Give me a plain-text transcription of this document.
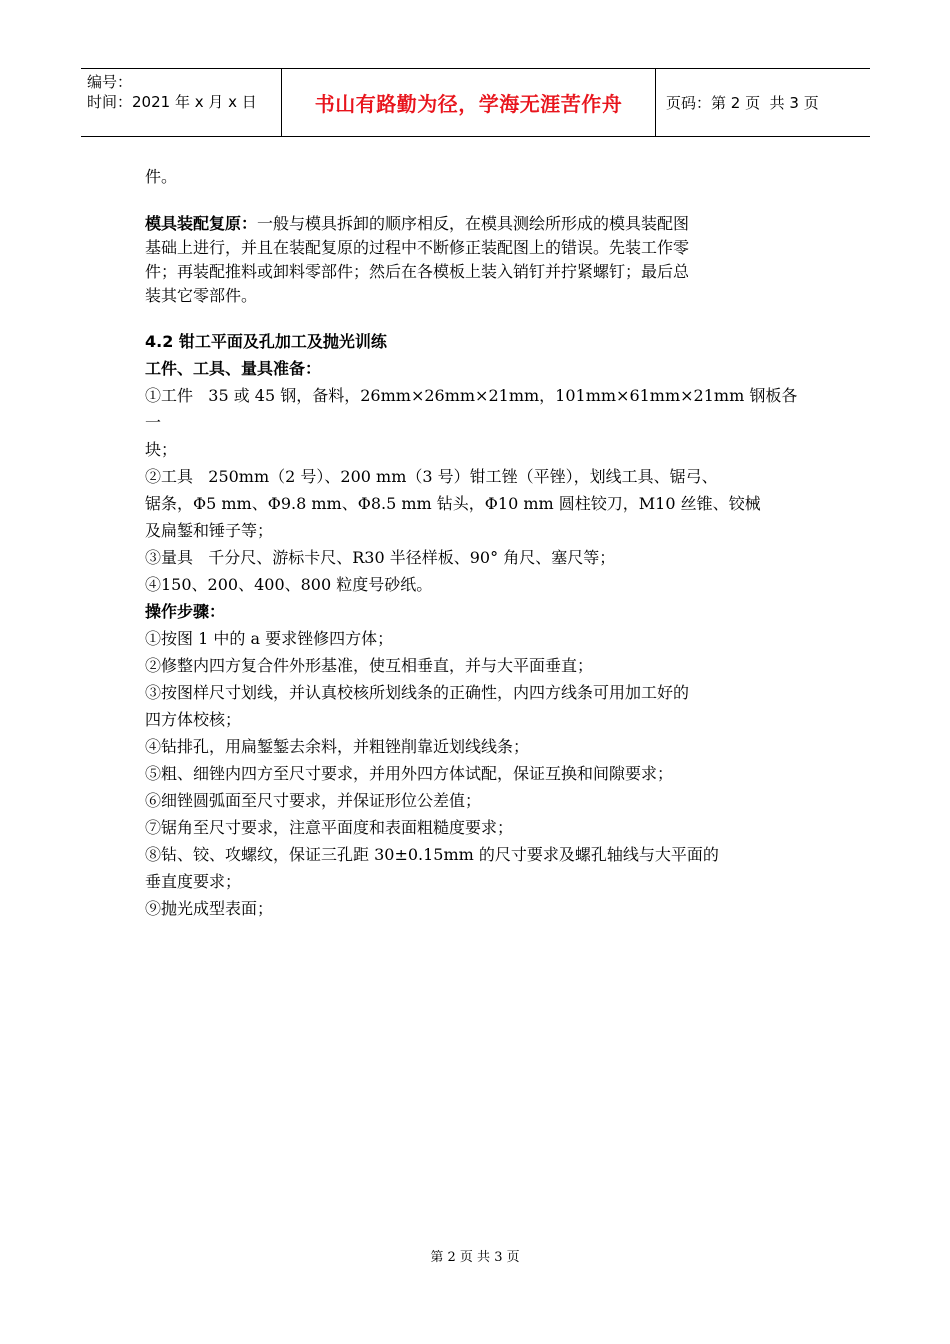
编号：
时间：2021 年 x 月 x 日	书山有路勤为径，学海无涯苦作舟	页码：第 2 页  共 3 页

件。

模具装配复原：一般与模具拆卸的顺序相反，在模具测绘所形成的模具装配图

基础上进行，并且在装配复原的过程中不断修正装配图上的错误。先装工作零

件；再装配推料或卸料零部件；然后在各模板上装入销钉并拧紧螺钉；最后总

装其它零部件。

4.2 钳工平面及孔加工及抛光训练

工件、工具、量具准备：

①工件   35 或 45 钢，备料，26mm×26mm×21mm，101mm×61mm×21mm 钢板各一

块；

②工具   250mm（2 号）、200 mm（3 号）钳工锉（平锉），划线工具、锯弓、

锯条，Φ5 mm、Φ9.8 mm、Φ8.5 mm 钻头，Φ10 mm 圆柱铰刀，M10 丝锥、铰械

及扁錾和锤子等；

③量具   千分尺、游标卡尺、R30 半径样板、90° 角尺、塞尺等；

④150、200、400、800 粒度号砂纸。

操作步骤：

①按图 1 中的 a 要求锉修四方体；

②修整内四方复合件外形基准，使互相垂直，并与大平面垂直；

③按图样尺寸划线，并认真校核所划线条的正确性，内四方线条可用加工好的

四方体校核；

④钻排孔，用扁錾錾去余料，并粗锉削靠近划线线条；

⑤粗、细锉内四方至尺寸要求，并用外四方体试配，保证互换和间隙要求；

⑥细锉圆弧面至尺寸要求，并保证形位公差值；

⑦锯角至尺寸要求，注意平面度和表面粗糙度要求；

⑧钻、铰、攻螺纹，保证三孔距 30±0.15mm 的尺寸要求及螺孔轴线与大平面的

垂直度要求；

⑨抛光成型表面；

第 2 页 共 3 页
